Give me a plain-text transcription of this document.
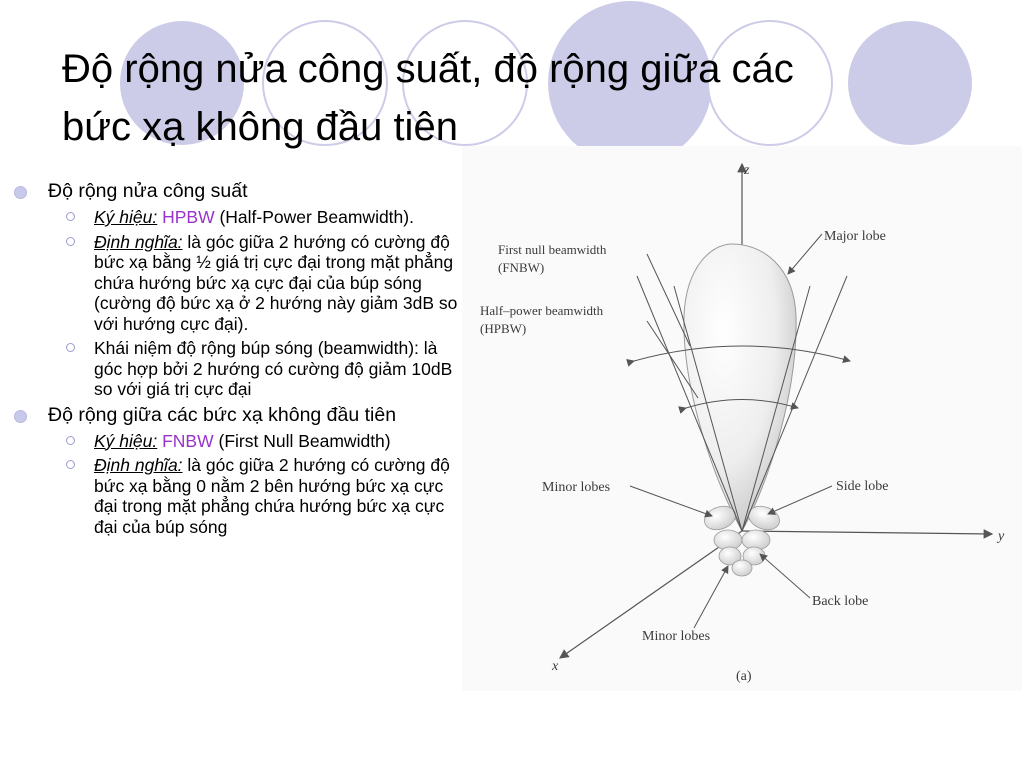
Độ rộng nửa công suất, độ rộng giữa các
bức xạ không đầu tiên
Độ rộng nửa công suất
Ký hiệu: HPBW (Half-Power Beamwidth).
Định nghĩa: là góc giữa 2 hướng có cường độ bức xạ bằng ½ giá trị cực đại trong mặt phẳng chứa hướng bức xạ cực đại của búp sóng (cường độ bức xạ ở 2 hướng này giảm 3dB so với hướng cực đại).
Khái niệm độ rộng búp sóng (beamwidth): là góc hợp bởi 2 hướng có cường độ giảm 10dB so với giá trị cực đại
Độ rộng giữa các bức xạ không đầu tiên
Ký hiệu: FNBW (First Null Beamwidth)
Định nghĩa: là góc giữa 2 hướng có cường độ bức xạ bằng 0 nằm 2 bên hướng bức xạ cực đại trong mặt phẳng chứa hướng bức xạ cực đại của búp sóng
z
y
x
First null beamwidth
(FNBW)
Half–power beamwidth
(HPBW)
Major lobe
Minor lobes	Side lobe
Back lobe
Minor lobes
(a)
